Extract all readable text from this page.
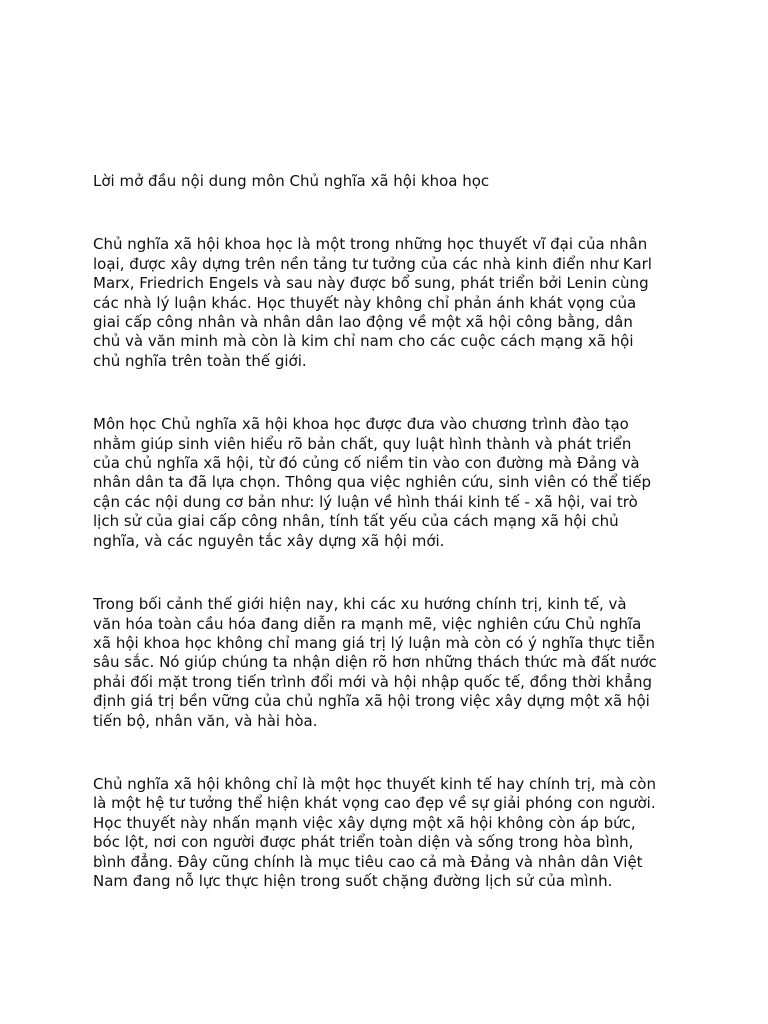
Lời mở đầu nội dung môn Chủ nghĩa xã hội khoa học

Chủ nghĩa xã hội khoa học là một trong những học thuyết vĩ đại của nhân
loại, được xây dựng trên nền tảng tư tưởng của các nhà kinh điển như Karl
Marx, Friedrich Engels và sau này được bổ sung, phát triển bởi Lenin cùng
các nhà lý luận khác. Học thuyết này không chỉ phản ánh khát vọng của
giai cấp công nhân và nhân dân lao động về một xã hội công bằng, dân
chủ và văn minh mà còn là kim chỉ nam cho các cuộc cách mạng xã hội
chủ nghĩa trên toàn thế giới.

Môn học Chủ nghĩa xã hội khoa học được đưa vào chương trình đào tạo
nhằm giúp sinh viên hiểu rõ bản chất, quy luật hình thành và phát triển
của chủ nghĩa xã hội, từ đó củng cố niềm tin vào con đường mà Đảng và
nhân dân ta đã lựa chọn. Thông qua việc nghiên cứu, sinh viên có thể tiếp
cận các nội dung cơ bản như: lý luận về hình thái kinh tế - xã hội, vai trò
lịch sử của giai cấp công nhân, tính tất yếu của cách mạng xã hội chủ
nghĩa, và các nguyên tắc xây dựng xã hội mới.

Trong bối cảnh thế giới hiện nay, khi các xu hướng chính trị, kinh tế, và
văn hóa toàn cầu hóa đang diễn ra mạnh mẽ, việc nghiên cứu Chủ nghĩa
xã hội khoa học không chỉ mang giá trị lý luận mà còn có ý nghĩa thực tiễn
sâu sắc. Nó giúp chúng ta nhận diện rõ hơn những thách thức mà đất nước
phải đối mặt trong tiến trình đổi mới và hội nhập quốc tế, đồng thời khẳng
định giá trị bền vững của chủ nghĩa xã hội trong việc xây dựng một xã hội
tiến bộ, nhân văn, và hài hòa.

Chủ nghĩa xã hội không chỉ là một học thuyết kinh tế hay chính trị, mà còn
là một hệ tư tưởng thể hiện khát vọng cao đẹp về sự giải phóng con người.
Học thuyết này nhấn mạnh việc xây dựng một xã hội không còn áp bức,
bóc lột, nơi con người được phát triển toàn diện và sống trong hòa bình,
bình đẳng. Đây cũng chính là mục tiêu cao cả mà Đảng và nhân dân Việt
Nam đang nỗ lực thực hiện trong suốt chặng đường lịch sử của mình.
